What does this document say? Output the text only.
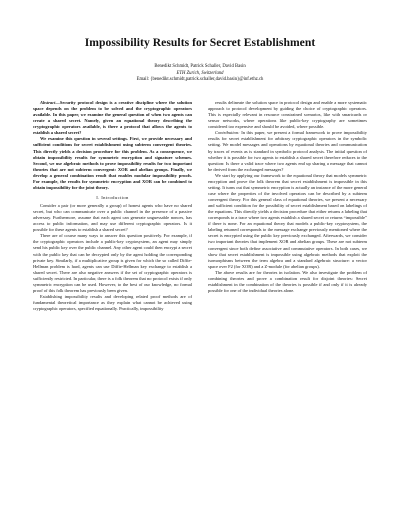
Impossibility Results for Secret Establishment
Benedikt Schmidt, Patrick Schaller, David Basin
ETH Zurich, Switzerland
Email: {benedikt.schmidt,patrick.schaller,david.basin}@inf.ethz.ch

Abstract—Security protocol design is a creative discipline where the solution space depends on the problem to be solved and the cryptographic operators available. In this paper, we examine the general question of when two agents can create a shared secret. Namely, given an equational theory describing the cryptographic operators available, is there a protocol that allows the agents to establish a shared secret?

We examine this question in several settings. First, we provide necessary and sufficient conditions for secret establishment using subterm convergent theories. This directly yields a decision procedure for this problem. As a consequence, we obtain impossibility results for symmetric encryption and signature schemes. Second, we use algebraic methods to prove impossibility results for two important theories that are not subterm convergent: XOR and abelian groups. Finally, we develop a general combination result that enables modular impossibility proofs. For example, the results for symmetric encryption and XOR can be combined to obtain impossibility for the joint theory.

I. Introduction

Consider a pair (or more generally a group) of honest agents who have no shared secret, but who can communicate over a public channel in the presence of a passive adversary. Furthermore, assume that each agent can generate unguessable nonces, has access to public information, and may use different cryptographic operators. Is it possible for these agents to establish a shared secret?

There are of course many ways to answer this question positively. For example, if the cryptographic operators include a public-key cryptosystem, an agent may simply send his public key over the public channel. Any other agent could then encrypt a secret with the public key that can be decrypted only by the agent holding the corresponding private key. Similarly, if a multiplicative group is given for which the so called Diffie-Hellman problem is hard, agents can use Diffie-Hellman key exchange to establish a shared secret. There are also negative answers if the set of cryptographic operators is sufficiently restricted. In particular, there is a folk theorem that no protocol exists if only symmetric encryption can be used. However, to the best of our knowledge, no formal proof of this folk theorem has previously been given.

Establishing impossibility results and developing related proof methods are of fundamental theoretical importance as they explain what cannot be achieved using cryptographic operators, specified equationally. Practically, impossibility

results delineate the solution space in protocol design and enable a more systematic approach to protocol development by guiding the choice of cryptographic operators. This is especially relevant in resource constrained scenarios, like with smartcards or sensor networks, where operations like public-key cryptography are sometimes considered too expensive and should be avoided, where possible.

Contribution: In this paper, we present a formal framework to prove impossibility results for secret establishment for arbitrary cryptographic operators in the symbolic setting. We model messages and operations by equational theories and communication by traces of events as is standard in symbolic protocol analysis. The initial question of whether it is possible for two agents to establish a shared secret therefore reduces to the question: Is there a valid trace where two agents end up sharing a message that cannot be derived from the exchanged messages?

We start by applying our framework to the equational theory that models symmetric encryption and prove the folk theorem that secret establishment is impossible in this setting. It turns out that symmetric encryption is actually an instance of the more general case where the properties of the involved operators can be described by a subterm convergent theory. For this general class of equational theories, we present a necessary and sufficient condition for the possibility of secret establishment based on labelings of the equations. This directly yields a decision procedure that either returns a labeling that corresponds to a trace where two agents establish a shared secret or returns “impossible” if there is none. For an equational theory that models a public-key cryptosystem, the labeling returned corresponds to the message exchange previously mentioned where the secret is encrypted using the public key previously exchanged. Afterwards, we consider two important theories that implement XOR and abelian groups. These are not subterm convergent since both define associative and commutative operators. In both cases, we show that secret establishment is impossible using algebraic methods that exploit the isomorphisms between the term algebra and a standard algebraic structure: a vector space over F2 (for XOR) and a Z-module (for abelian groups).

The above results are for theories in isolation. We also investigate the problem of combining theories and prove a combination result for disjoint theories: Secret establishment in the combination of the theories is possible if and only if it is already possible for one of the individual theories alone.
